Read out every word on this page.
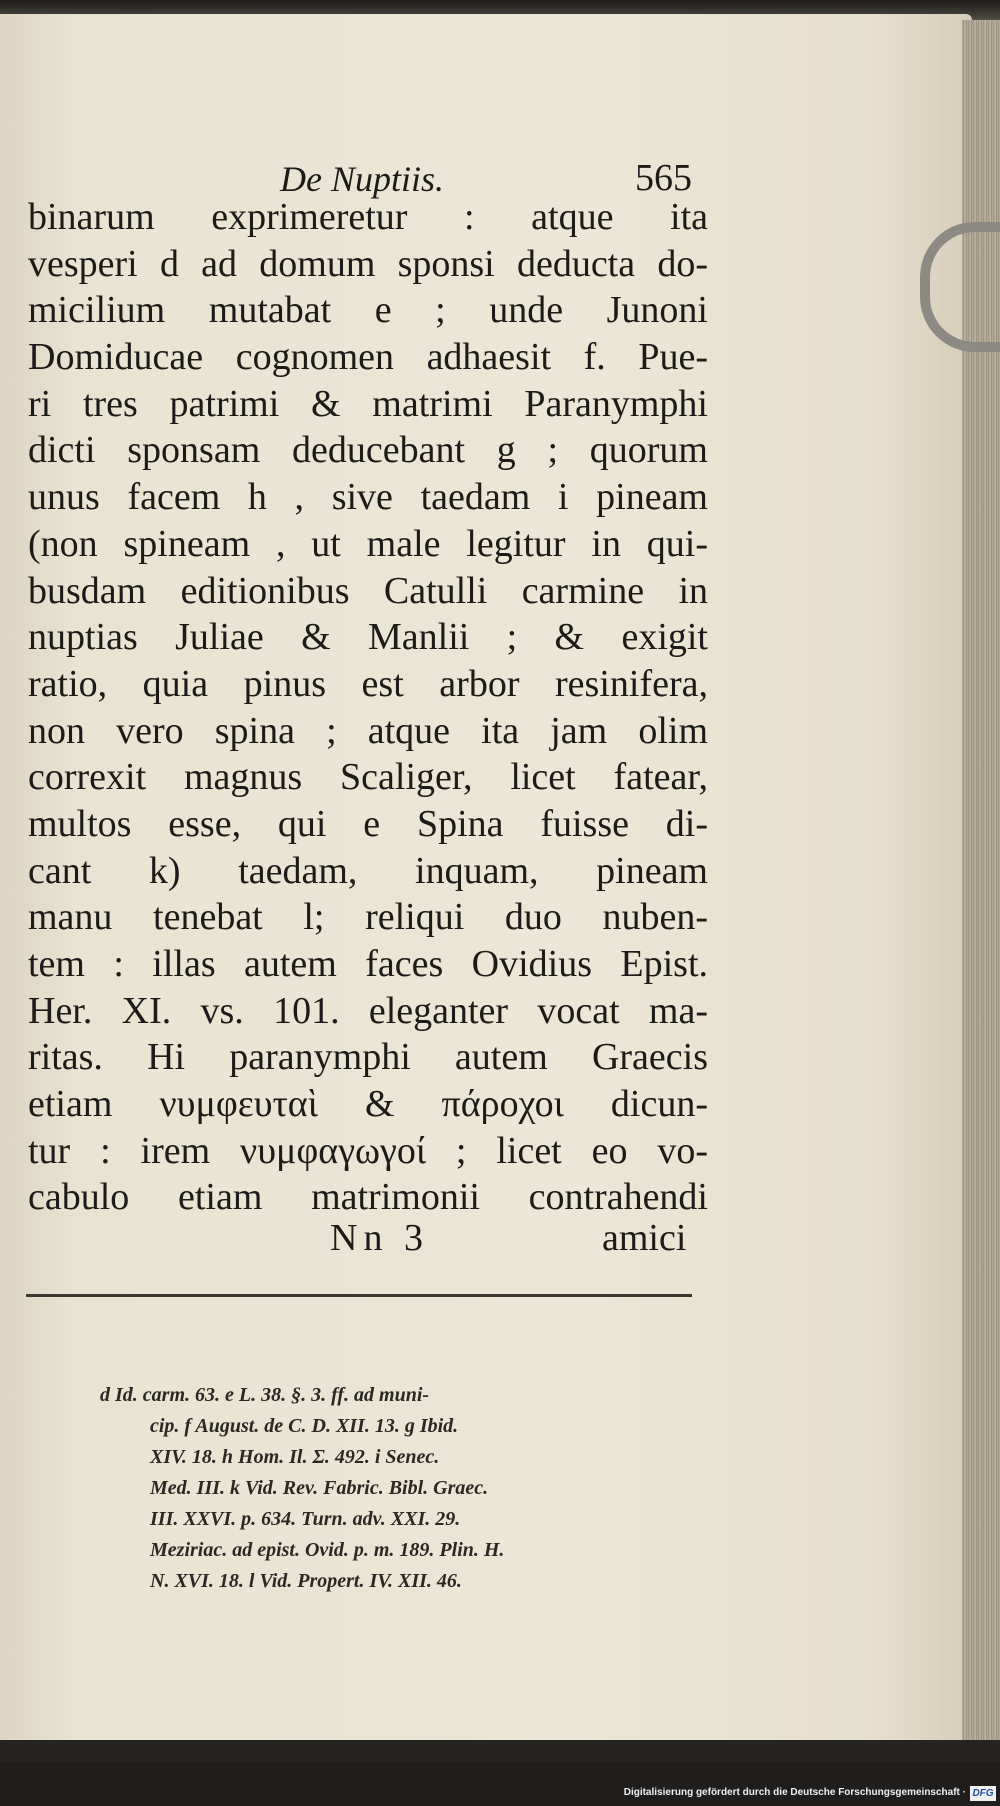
De Nuptiis.	565
binarum exprimeretur : atque ita
vesperi d ad domum sponsi deducta do-
micilium mutabat e ; unde Junoni
Domiducae cognomen adhaesit f. Pue-
ri tres patrimi & matrimi Paranymphi
dicti sponsam deducebant g ; quorum
unus facem h , sive taedam i pineam
(non spineam , ut male legitur in qui-
busdam editionibus Catulli carmine in
nuptias Juliae & Manlii ; & exigit
ratio, quia pinus est arbor resinifera,
non vero spina ; atque ita jam olim
correxit magnus Scaliger, licet fatear,
multos esse, qui e Spina fuisse di-
cant k) taedam, inquam, pineam
manu tenebat l; reliqui duo nuben-
tem : illas autem faces Ovidius Epist.
Her. XI. vs. 101. eleganter vocat ma-
ritas. Hi paranymphi autem Graecis
etiam νυμφευταὶ & πάροχοι dicun-
tur : irem νυμφαγωγοί ; licet eo vo-
cabulo etiam matrimonii contrahendi
Nn 3	amici
d Id. carm. 63. e L. 38. §. 3. ff. ad muni-
cip. f August. de C. D. XII. 13. g Ibid.
XIV. 18. h Hom. Il. Σ. 492. i Senec.
Med. III. k Vid. Rev. Fabric. Bibl. Graec.
III. XXVI. p. 634. Turn. adv. XXI. 29.
Meziriac. ad epist. Ovid. p. m. 189. Plin. H.
N. XVI. 18. l Vid. Propert. IV. XII. 46.
Digitalisierung gefördert durch die Deutsche Forschungsgemeinschaft · DFG
